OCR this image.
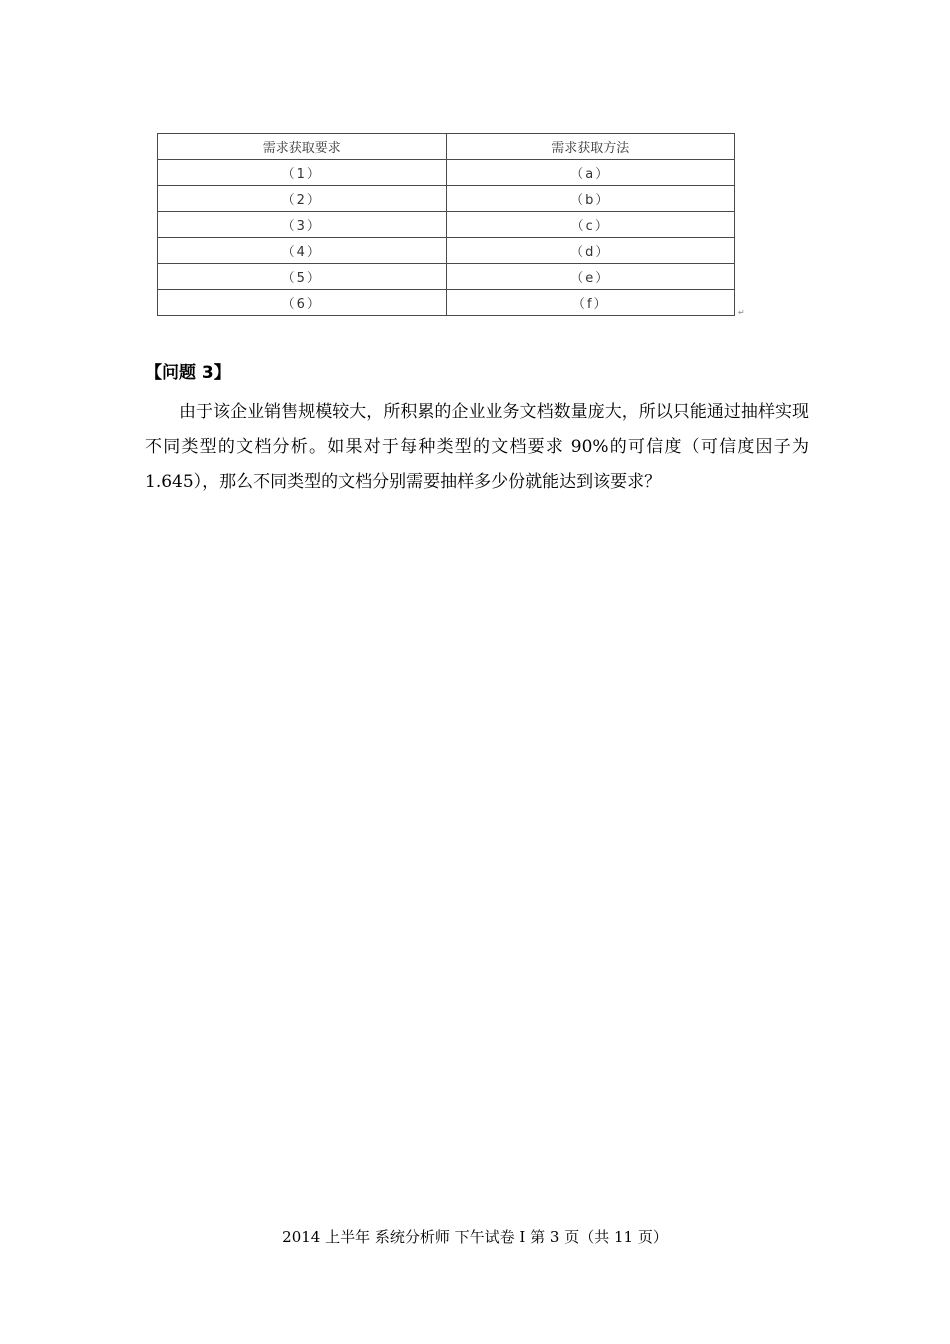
需求获取要求	需求获取方法
（1）	（a）
（2）	（b）
（3）	（c）
（4）	（d）
（5）	（e）
（6）	（f）
↵
【问题 3】

由于该企业销售规模较大，所积累的企业业务文档数量庞大，所以只能通过抽样实现不同类型的文档分析。如果对于每种类型的文档要求 90%的可信度（可信度因子为 1.645），那么不同类型的文档分别需要抽样多少份就能达到该要求？

2014 上半年 系统分析师 下午试卷 I 第 3 页（共 11 页）
